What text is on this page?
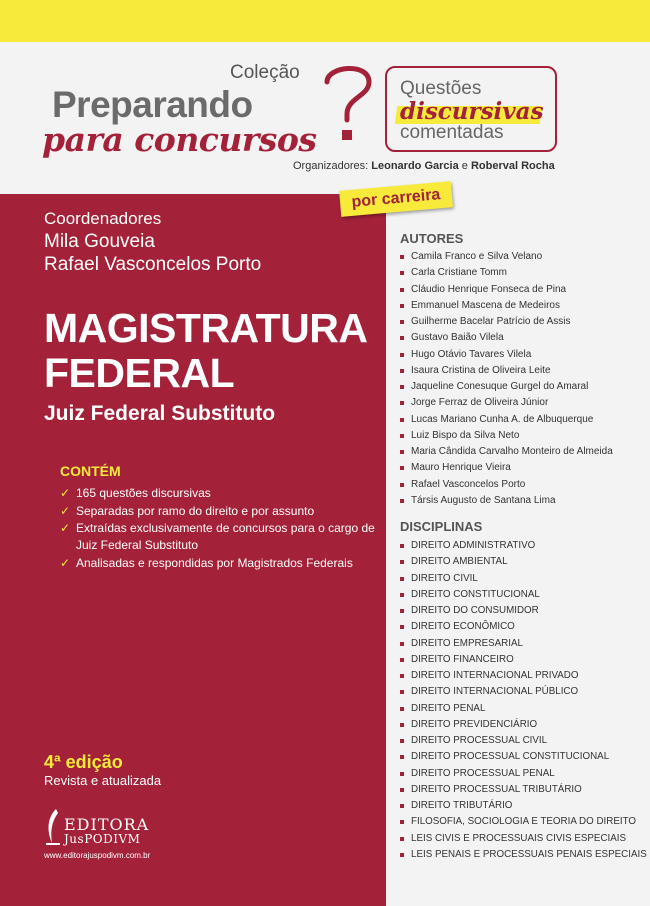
Coleção
Preparando
para concursos
Questões
discursivas
comentadas
Organizadores: Leonardo Garcia e Roberval Rocha
por carreira
Coordenadores
Mila Gouveia
Rafael Vasconcelos Porto
MAGISTRATURA
FEDERAL
Juiz Federal Substituto
CONTÉM
✓ 165 questões discursivas
✓ Separadas por ramo do direito e por assunto
✓ Extraídas exclusivamente de concursos para o cargo de Juiz Federal Substituto
✓ Analisadas e respondidas por Magistrados Federais
4ª edição
Revista e atualizada
EDITORA
JusPODIVM
www.editorajuspodivm.com.br
AUTORES
Camila Franco e Silva Velano
Carla Cristiane Tomm
Cláudio Henrique Fonseca de Pina
Emmanuel Mascena de Medeiros
Guilherme Bacelar Patrício de Assis
Gustavo Baião Vilela
Hugo Otávio Tavares Vilela
Isaura Cristina de Oliveira Leite
Jaqueline Conesuque Gurgel do Amaral
Jorge Ferraz de Oliveira Júnior
Lucas Mariano Cunha A. de Albuquerque
Luiz Bispo da Silva Neto
Maria Cândida Carvalho Monteiro de Almeida
Mauro Henrique Vieira
Rafael Vasconcelos Porto
Társis Augusto de Santana Lima
DISCIPLINAS
DIREITO ADMINISTRATIVO
DIREITO AMBIENTAL
DIREITO CIVIL
DIREITO CONSTITUCIONAL
DIREITO DO CONSUMIDOR
DIREITO ECONÔMICO
DIREITO EMPRESARIAL
DIREITO FINANCEIRO
DIREITO INTERNACIONAL PRIVADO
DIREITO INTERNACIONAL PÚBLICO
DIREITO PENAL
DIREITO PREVIDENCIÁRIO
DIREITO PROCESSUAL CIVIL
DIREITO PROCESSUAL CONSTITUCIONAL
DIREITO PROCESSUAL PENAL
DIREITO PROCESSUAL TRIBUTÁRIO
DIREITO TRIBUTÁRIO
FILOSOFIA, SOCIOLOGIA E TEORIA DO DIREITO
LEIS CIVIS E PROCESSUAIS CIVIS ESPECIAIS
LEIS PENAIS E PROCESSUAIS PENAIS ESPECIAIS
